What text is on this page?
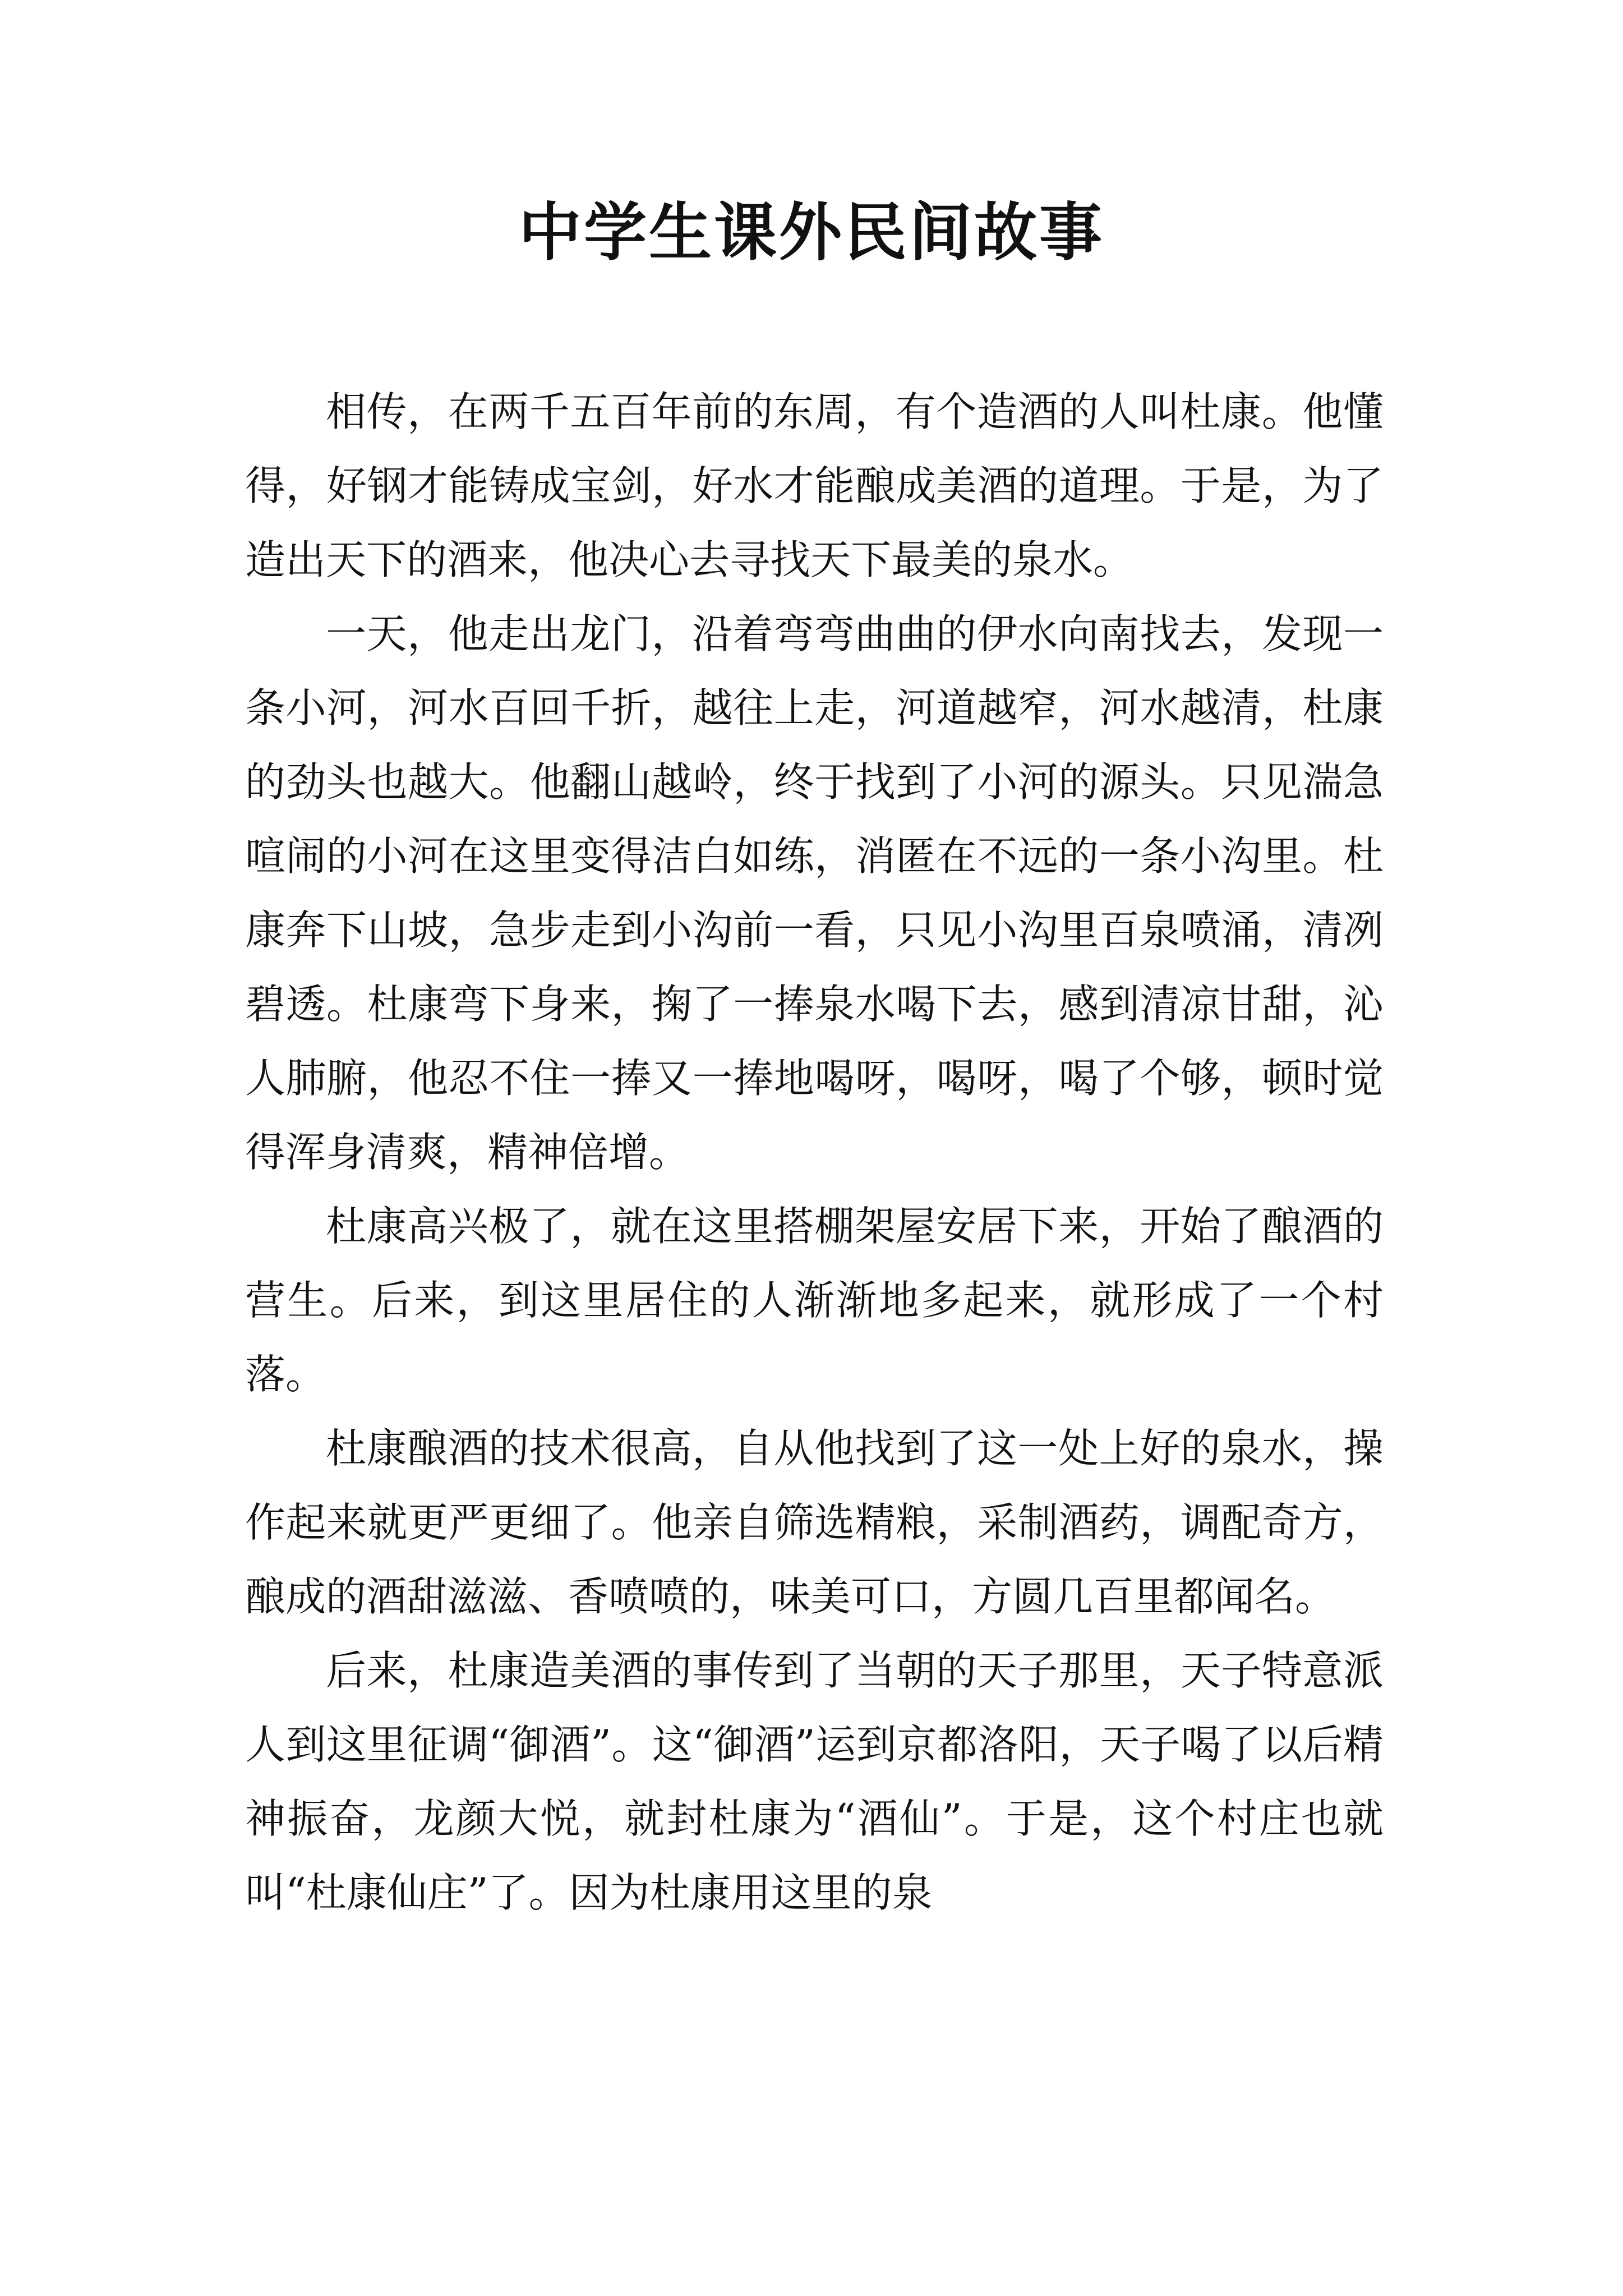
中学生课外民间故事

相传，在两千五百年前的东周，有个造酒的人叫杜康。他懂得，好钢才能铸成宝剑，好水才能酿成美酒的道理。于是，为了造出天下的酒来，他决心去寻找天下最美的泉水。

一天，他走出龙门，沿着弯弯曲曲的伊水向南找去，发现一条小河，河水百回千折，越往上走，河道越窄，河水越清，杜康的劲头也越大。他翻山越岭，终于找到了小河的源头。只见湍急喧闹的小河在这里变得洁白如练，消匿在不远的一条小沟里。杜康奔下山坡，急步走到小沟前一看，只见小沟里百泉喷涌，清冽碧透。杜康弯下身来，掬了一捧泉水喝下去，感到清凉甘甜，沁人肺腑，他忍不住一捧又一捧地喝呀，喝呀，喝了个够，顿时觉得浑身清爽，精神倍增。

杜康高兴极了，就在这里搭棚架屋安居下来，开始了酿酒的营生。后来，到这里居住的人渐渐地多起来，就形成了一个村落。

杜康酿酒的技术很高，自从他找到了这一处上好的泉水，操作起来就更严更细了。他亲自筛选精粮，采制酒药，调配奇方，酿成的酒甜滋滋、香喷喷的，味美可口，方圆几百里都闻名。

后来，杜康造美酒的事传到了当朝的天子那里，天子特意派人到这里征调“御酒”。这“御酒”运到京都洛阳，天子喝了以后精神振奋，龙颜大悦，就封杜康为“酒仙”。于是，这个村庄也就叫“杜康仙庄”了。因为杜康用这里的泉
